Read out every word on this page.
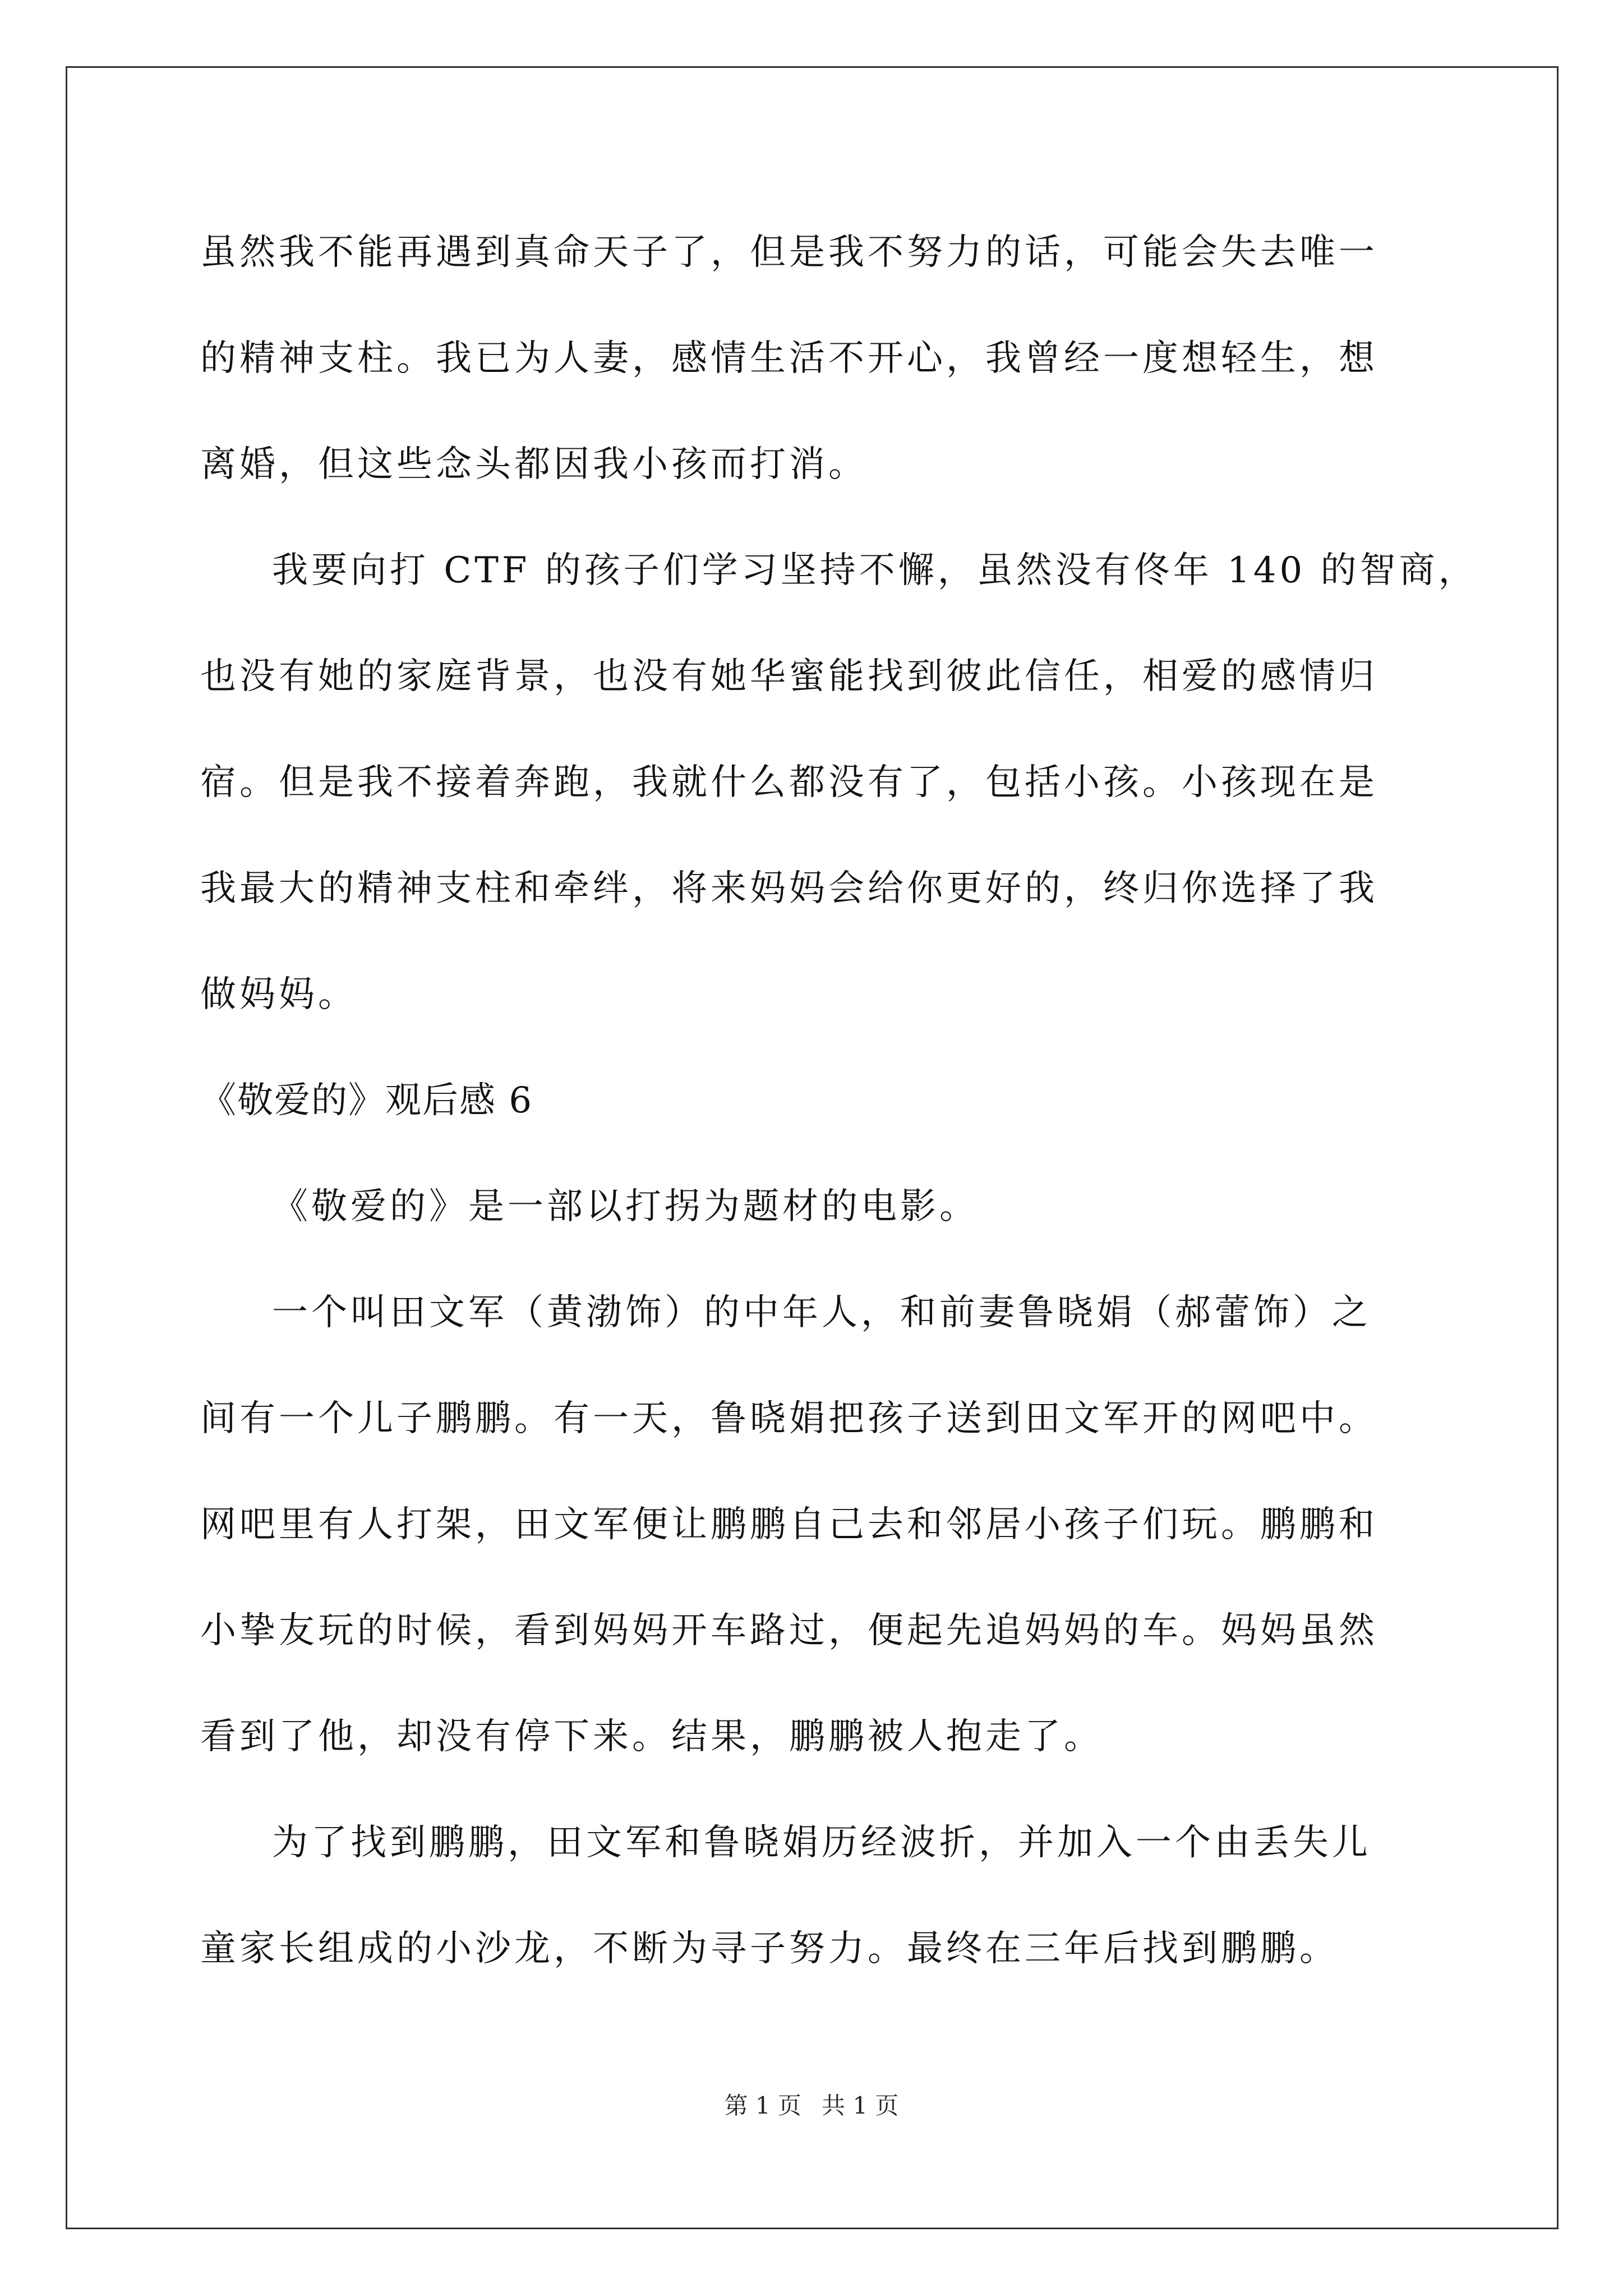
虽然我不能再遇到真命天子了，但是我不努力的话，可能会失去唯一
的精神支柱。我已为人妻，感情生活不开心，我曾经一度想轻生，想
离婚，但这些念头都因我小孩而打消。
我要向打 CTF 的孩子们学习坚持不懈，虽然没有佟年 140 的智商，
也没有她的家庭背景，也没有她华蜜能找到彼此信任，相爱的感情归
宿。但是我不接着奔跑，我就什么都没有了，包括小孩。小孩现在是
我最大的精神支柱和牵绊，将来妈妈会给你更好的，终归你选择了我
做妈妈。
《敬爱的》观后感 6
《敬爱的》是一部以打拐为题材的电影。
一个叫田文军（黄渤饰）的中年人，和前妻鲁晓娟（郝蕾饰）之
间有一个儿子鹏鹏。有一天，鲁晓娟把孩子送到田文军开的网吧中。
网吧里有人打架，田文军便让鹏鹏自己去和邻居小孩子们玩。鹏鹏和
小挚友玩的时候，看到妈妈开车路过，便起先追妈妈的车。妈妈虽然
看到了他，却没有停下来。结果，鹏鹏被人抱走了。
为了找到鹏鹏，田文军和鲁晓娟历经波折，并加入一个由丢失儿
童家长组成的小沙龙，不断为寻子努力。最终在三年后找到鹏鹏。
第 1 页 共 1 页
